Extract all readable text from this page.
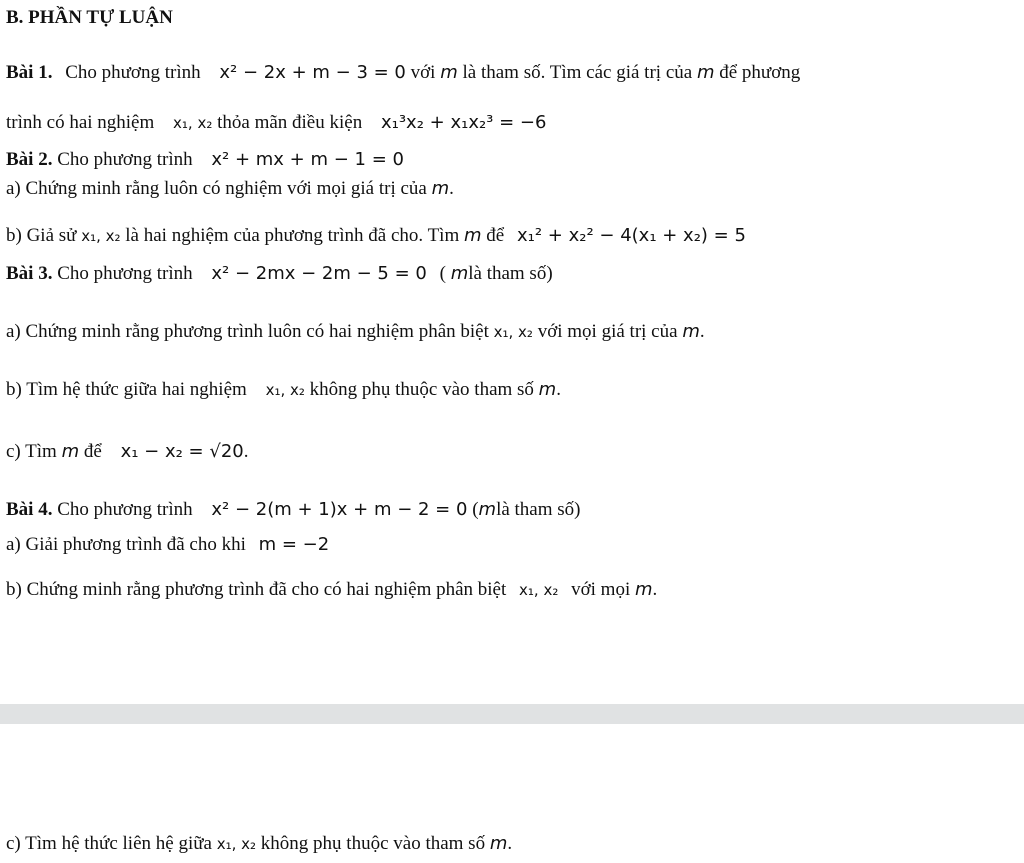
B. PHẦN TỰ LUẬN
Bài 1. Cho phương trình x² − 2x + m − 3 = 0 với m là tham số. Tìm các giá trị của m để phương
trình có hai nghiệm x₁, x₂ thỏa mãn điều kiện x₁³x₂ + x₁x₂³ = −6
Bài 2. Cho phương trình x² + mx + m − 1 = 0
a) Chứng minh rằng luôn có nghiệm với mọi giá trị của m.
b) Giả sử x₁, x₂ là hai nghiệm của phương trình đã cho. Tìm m để x₁² + x₂² − 4(x₁ + x₂) = 5
Bài 3. Cho phương trình x² − 2mx − 2m − 5 = 0 ( mlà tham số)
a) Chứng minh rằng phương trình luôn có hai nghiệm phân biệt x₁, x₂ với mọi giá trị của m.
b) Tìm hệ thức giữa hai nghiệm x₁, x₂ không phụ thuộc vào tham số m.
c) Tìm m để x₁ − x₂ = √20.
Bài 4. Cho phương trình x² − 2(m + 1)x + m − 2 = 0 (mlà tham số)
a) Giải phương trình đã cho khi m = −2
b) Chứng minh rằng phương trình đã cho có hai nghiệm phân biệt x₁, x₂ với mọi m.
c) Tìm hệ thức liên hệ giữa x₁, x₂ không phụ thuộc vào tham số m.
